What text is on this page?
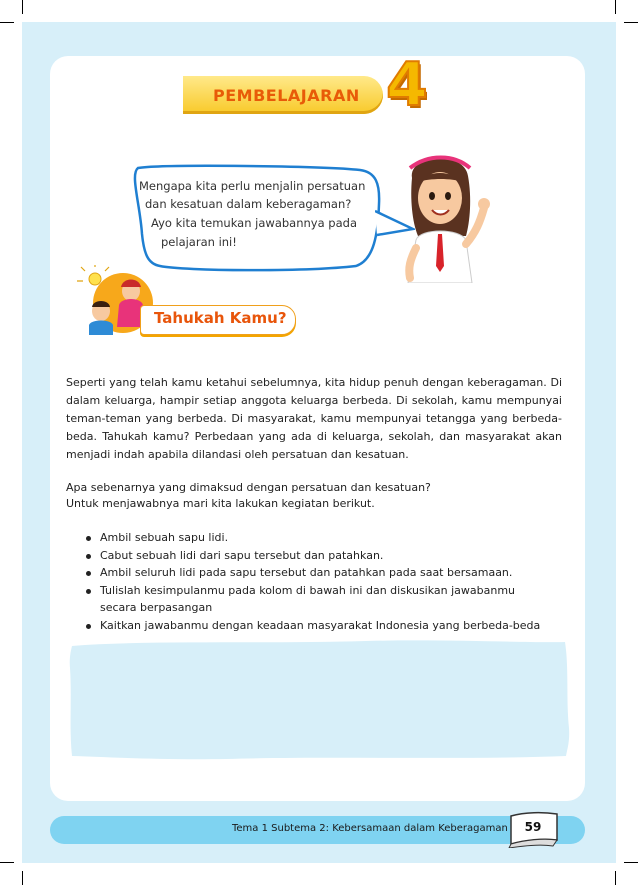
PEMBELAJARAN 4
Mengapa kita perlu menjalin persatuan
dan kesatuan dalam keberagaman?
Ayo kita temukan jawabannya pada
pelajaran ini!
Tahukah Kamu?
Seperti yang telah kamu ketahui sebelumnya, kita hidup penuh dengan keberagaman. Di
dalam keluarga, hampir setiap anggota keluarga berbeda. Di sekolah, kamu mempunyai
teman-teman yang berbeda. Di masyarakat, kamu mempunyai tetangga yang berbeda-
beda. Tahukah kamu? Perbedaan yang ada di keluarga, sekolah, dan masyarakat akan
menjadi indah apabila dilandasi oleh persatuan dan kesatuan.
Apa sebenarnya yang dimaksud dengan persatuan dan kesatuan?
Untuk menjawabnya mari kita lakukan kegiatan berikut.
Ambil sebuah sapu lidi.
Cabut sebuah lidi dari sapu tersebut dan patahkan.
Ambil seluruh lidi pada sapu tersebut dan patahkan pada saat bersamaan.
Tulislah kesimpulanmu pada kolom di bawah ini dan diskusikan jawabanmu secara berpasangan
Kaitkan jawabanmu dengan keadaan masyarakat Indonesia yang berbeda-beda
Tema 1 Subtema 2: Kebersamaan dalam Keberagaman	59
